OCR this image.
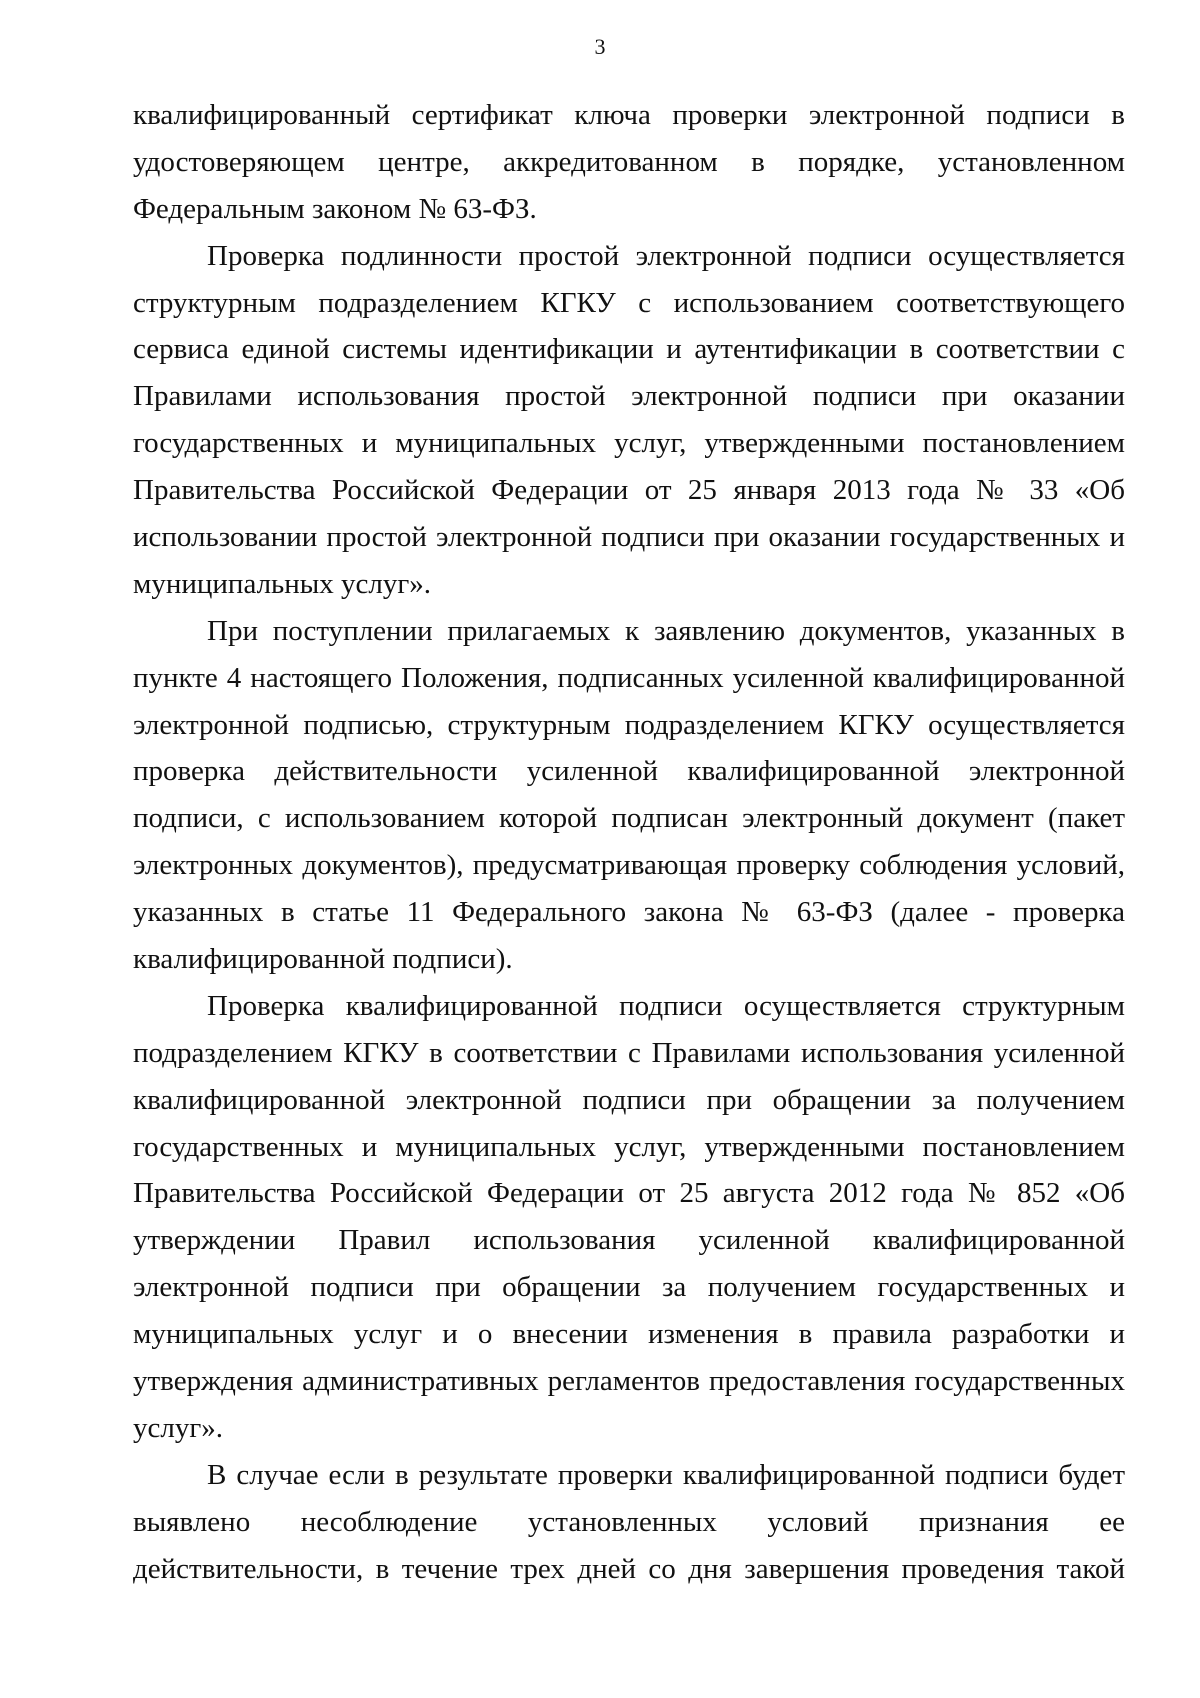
3
квалифицированный сертификат ключа проверки электронной подписи в
удостоверяющем центре, аккредитованном в порядке, установленном
Федеральным законом № 63-ФЗ.
Проверка подлинности простой электронной подписи осуществляется
структурным подразделением КГКУ с использованием соответствующего
сервиса единой системы идентификации и аутентификации в соответствии с
Правилами использования простой электронной подписи при оказании
государственных и муниципальных услуг, утвержденными постановлением
Правительства Российской Федерации от 25 января 2013 года № 33 «Об
использовании простой электронной подписи при оказании государственных и
муниципальных услуг».
При поступлении прилагаемых к заявлению документов, указанных в
пункте 4 настоящего Положения, подписанных усиленной квалифицированной
электронной подписью, структурным подразделением КГКУ осуществляется
проверка действительности усиленной квалифицированной электронной
подписи, с использованием которой подписан электронный документ (пакет
электронных документов), предусматривающая проверку соблюдения условий,
указанных в статье 11 Федерального закона № 63-ФЗ (далее - проверка
квалифицированной подписи).
Проверка квалифицированной подписи осуществляется структурным
подразделением КГКУ в соответствии с Правилами использования усиленной
квалифицированной электронной подписи при обращении за получением
государственных и муниципальных услуг, утвержденными постановлением
Правительства Российской Федерации от 25 августа 2012 года № 852 «Об
утверждении Правил использования усиленной квалифицированной
электронной подписи при обращении за получением государственных и
муниципальных услуг и о внесении изменения в правила разработки и
утверждения административных регламентов предоставления государственных
услуг».
В случае если в результате проверки квалифицированной подписи будет
выявлено несоблюдение установленных условий признания ее
действительности, в течение трех дней со дня завершения проведения такой
